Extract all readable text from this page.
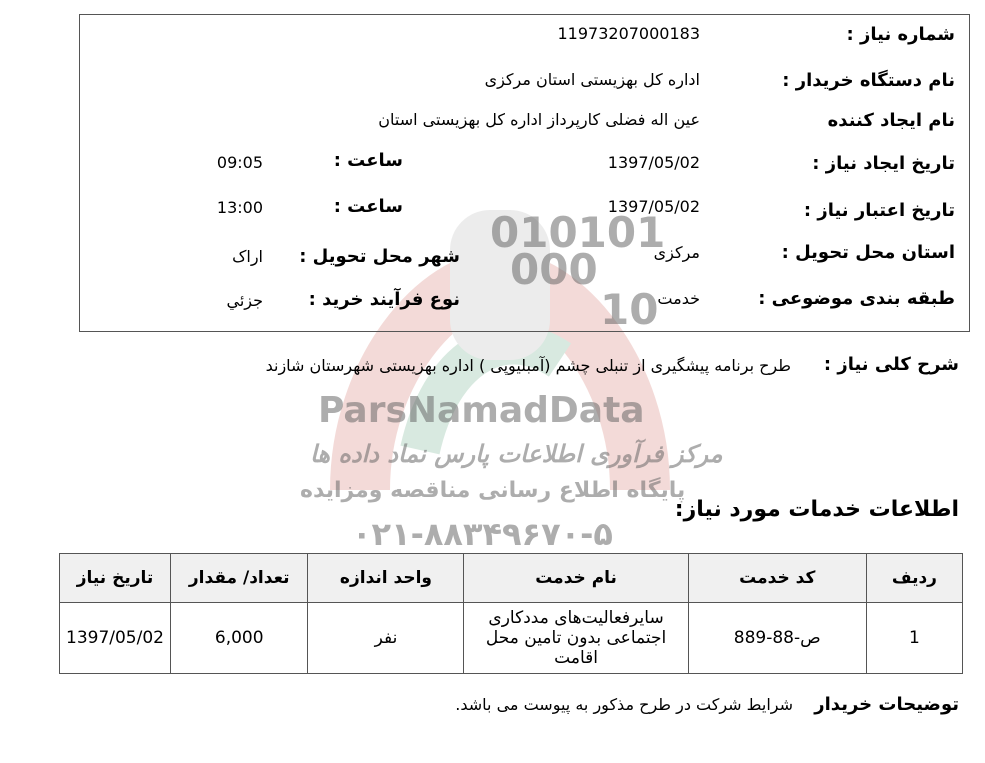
010101
000
10
ParsNamadData
مرکز فرآوری اطلاعات پارس نماد داده ها
پایگاه اطلاع رسانی مناقصه ومزایده
۰۲۱-۸۸۳۴۹۶۷۰-۵
شماره نیاز :
11973207000183
نام دستگاه خریدار :
اداره کل بهزیستی استان مرکزی
نام ایجاد کننده
عین اله فضلی کارپرداز اداره کل بهزیستی استان
تاریخ ایجاد نیاز :
1397/05/02
ساعت :
09:05
تاریخ اعتبار نیاز :
1397/05/02
ساعت :
13:00
استان محل تحویل :
مرکزی
شهر محل تحویل :
اراک
طبقه بندی موضوعی :
خدمت
نوع فرآیند خرید :
جزئي
شرح کلی نیاز :
طرح برنامه پیشگیری از تنبلی چشم (آمبلیوپی ) اداره بهزیستی شهرستان شازند
اطلاعات خدمات مورد نیاز:
ردیف	کد خدمت	نام خدمت	واحد اندازه	تعداد/ مقدار	تاریخ نیاز
1	ص-88-889	سایرفعالیت‌های مددکاری اجتماعی بدون تامین محل اقامت	نفر	6,000	1397/05/02
توضیحات خریدار
شرایط شرکت در طرح مذکور به پیوست می باشد.
